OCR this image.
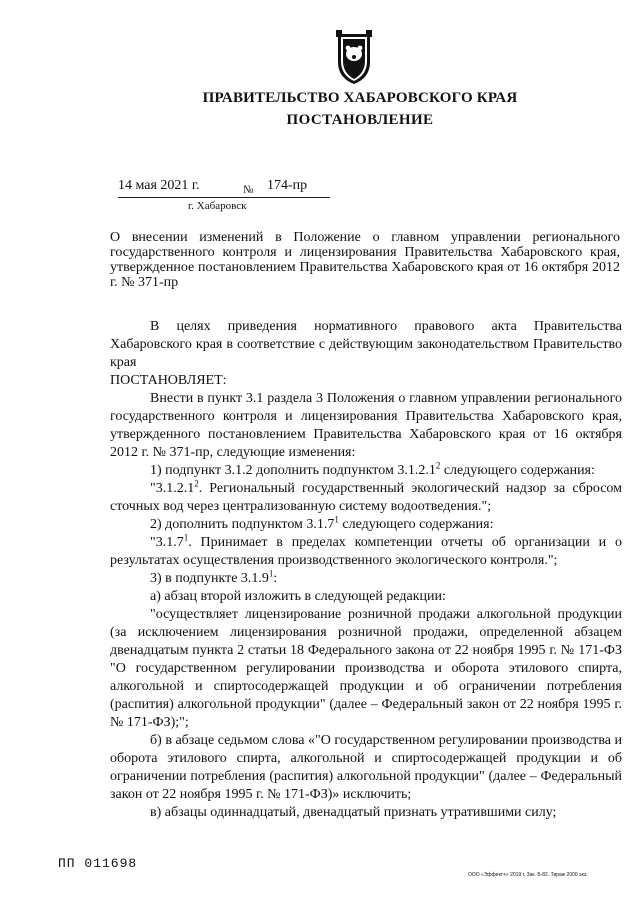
ПРАВИТЕЛЬСТВО ХАБАРОВСКОГО КРАЯ
ПОСТАНОВЛЕНИЕ
14 мая 2021 г.	№ 174-пр
г. Хабаровск
О внесении изменений в Положение о главном управлении регионального государственного контроля и лицензирования Правительства Хабаровского края, утвержденное постановлением Правительства Хабаровского края от 16 октября 2012 г. № 371-пр

В целях приведения нормативного правового акта Правительства Хабаровского края в соответствие с действующим законодательством Правительство края

ПОСТАНОВЛЯЕТ:

Внести в пункт 3.1 раздела 3 Положения о главном управлении регионального государственного контроля и лицензирования Правительства Хабаровского края, утвержденного постановлением Правительства Хабаровского края от 16 октября 2012 г. № 371-пр, следующие изменения:

1) подпункт 3.1.2 дополнить подпунктом 3.1.2.1$^2$ следующего содержания:

"3.1.2.1$^2$. Региональный государственный экологический надзор за сбросом сточных вод через централизованную систему водоотведения.";

2) дополнить подпунктом 3.1.7$^1$ следующего содержания:

"3.1.7$^1$. Принимает в пределах компетенции отчеты об организации и о результатах осуществления производственного экологического контроля.";

3) в подпункте 3.1.9$^1$:

а) абзац второй изложить в следующей редакции:

"осуществляет лицензирование розничной продажи алкогольной продукции (за исключением лицензирования розничной продажи, определенной абзацем двенадцатым пункта 2 статьи 18 Федерального закона от 22 ноября 1995 г. № 171-ФЗ "О государственном регулировании производства и оборота этилового спирта, алкогольной и спиртосодержащей продукции и об ограничении потребления (распития) алкогольной продукции" (далее – Федеральный закон от 22 ноября 1995 г. № 171-ФЗ);";

б) в абзаце седьмом слова «"О государственном регулировании производства и оборота этилового спирта, алкогольной и спиртосодержащей продукции и об ограничении потребления (распития) алкогольной продукции" (далее – Федеральный закон от 22 ноября 1995 г. № 171-ФЗ)» исключить;

в) абзацы одиннадцатый, двенадцатый признать утратившими силу;

ПП 011698
ООО «Эффект+» 2019 г. Зак. Б-82. Тираж 2000 экз.
